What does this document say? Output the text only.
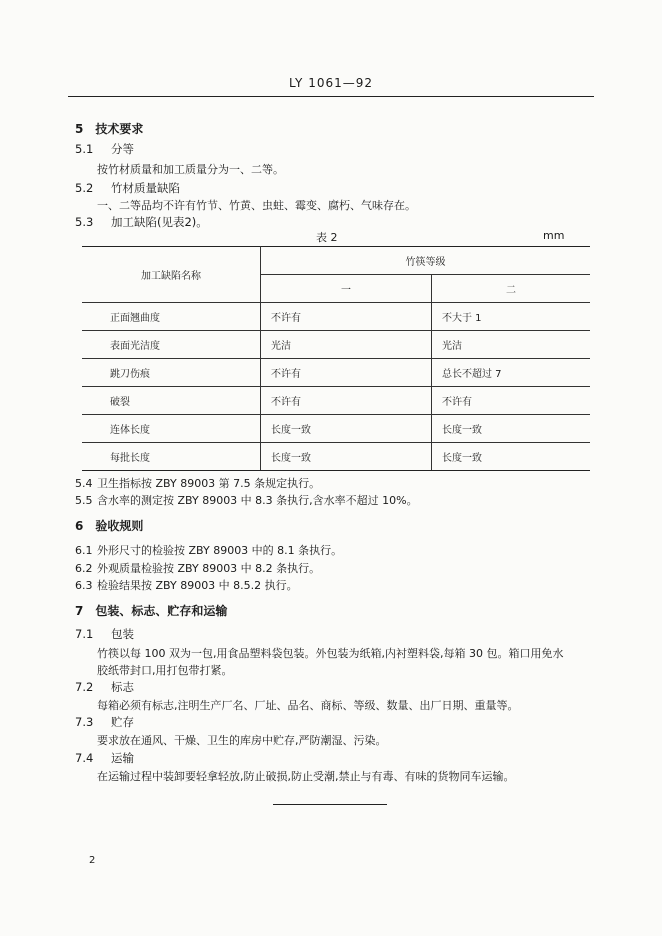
LY 1061—92
5　技术要求
5.1 分等
按竹材质量和加工质量分为一、二等。
5.2 竹材质量缺陷
一、二等品均不许有竹节、竹黄、虫蛀、霉变、腐朽、气味存在。
5.3 加工缺陷(见表2)。
表 2	mm
加工缺陷名称	竹筷等级	
	一	二
正面翘曲度	不许有	不大于 1
表面光洁度	光洁	光洁
跳刀伤痕	不许有	总长不超过 7
破裂	不许有	不许有
连体长度	长度一致	长度一致
每批长度	长度一致	长度一致
5.4 卫生指标按 ZBY 89003 第 7.5 条规定执行。
5.5 含水率的测定按 ZBY 89003 中 8.3 条执行,含水率不超过 10%。
6　验收规则
6.1 外形尺寸的检验按 ZBY 89003 中的 8.1 条执行。
6.2 外观质量检验按 ZBY 89003 中 8.2 条执行。
6.3 检验结果按 ZBY 89003 中 8.5.2 执行。
7　包装、标志、贮存和运输
7.1 包装
竹筷以每 100 双为一包,用食品塑料袋包装。外包装为纸箱,内衬塑料袋,每箱 30 包。箱口用免水
胶纸带封口,用打包带打紧。
7.2 标志
每箱必须有标志,注明生产厂名、厂址、品名、商标、等级、数量、出厂日期、重量等。
7.3 贮存
要求放在通风、干燥、卫生的库房中贮存,严防潮湿、污染。
7.4 运输
在运输过程中装卸要轻拿轻放,防止破损,防止受潮,禁止与有毒、有味的货物同车运输。
2
